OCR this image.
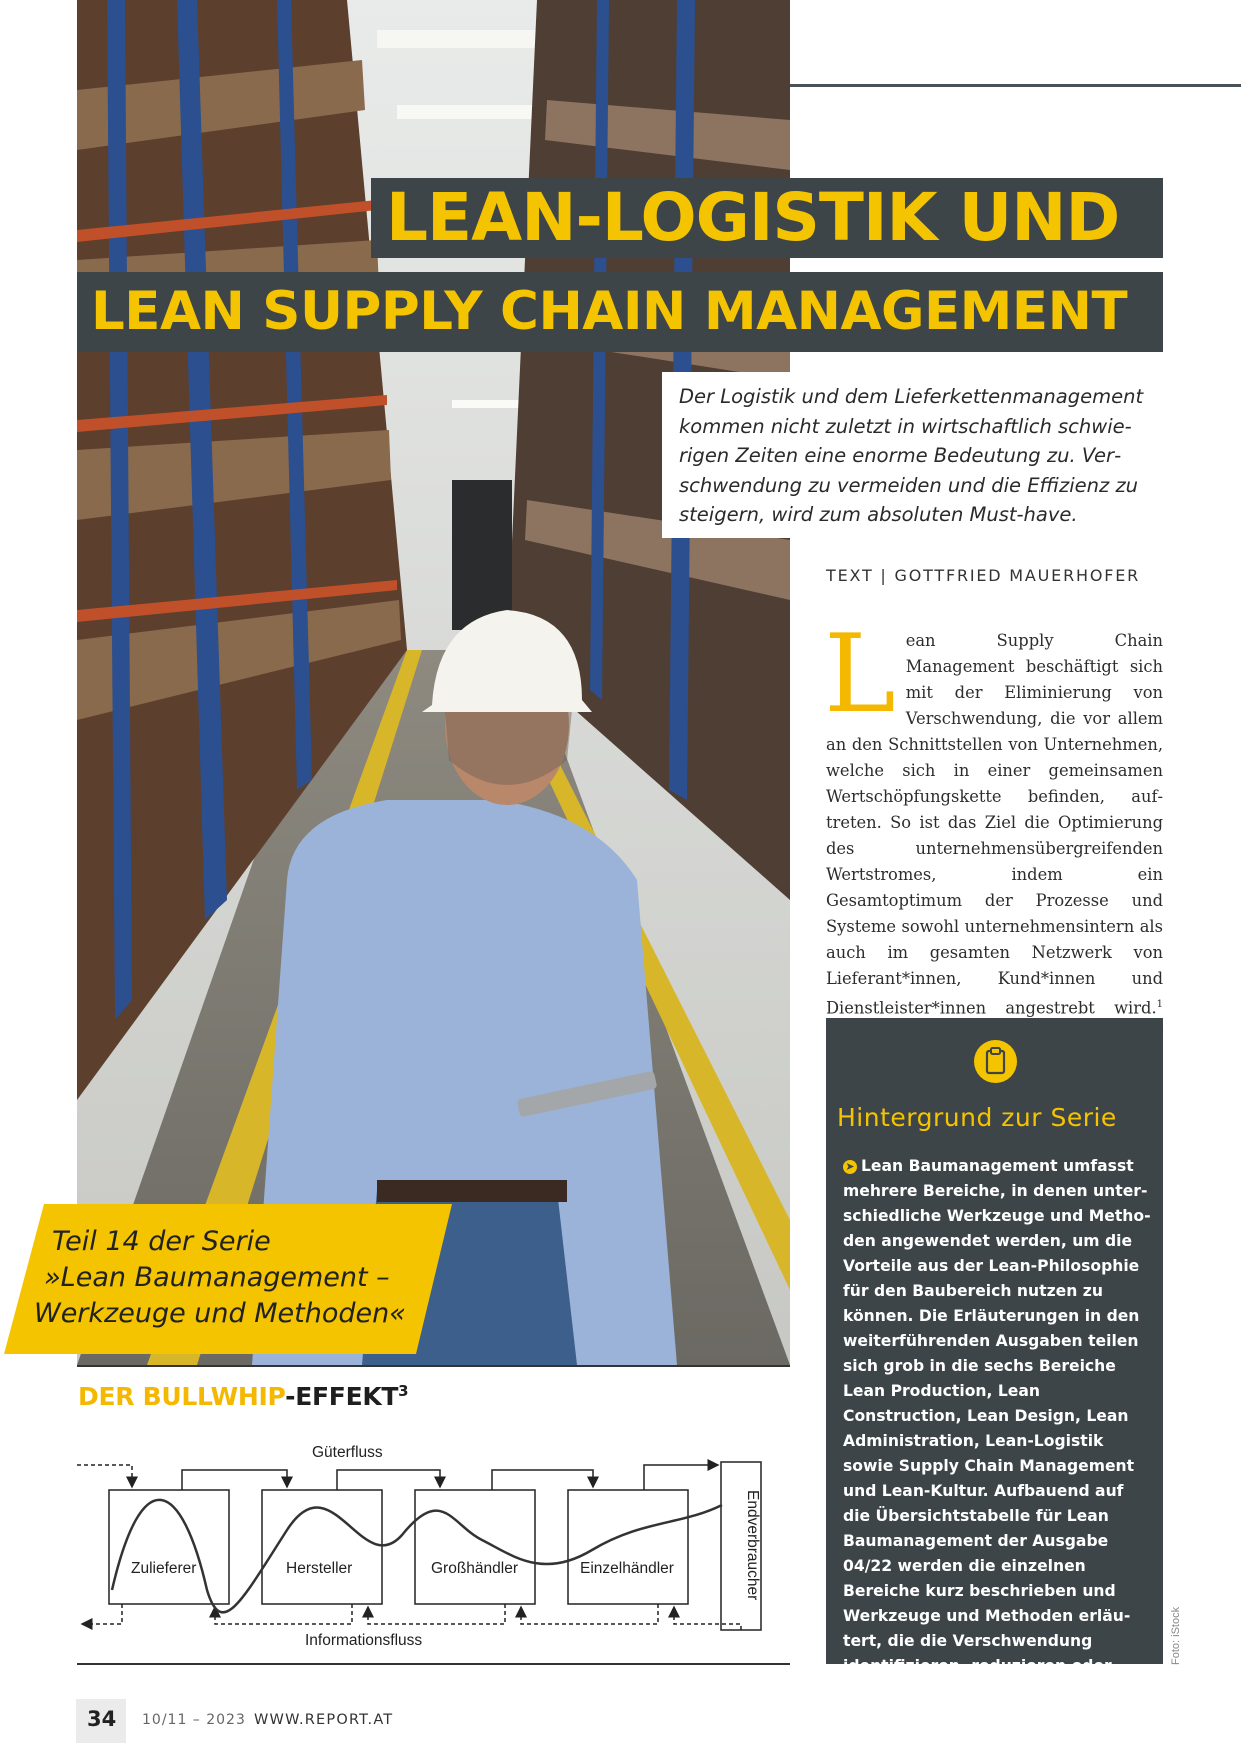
LEAN-LOGISTIK UND
LEAN SUPPLY CHAIN MANAGEMENT
Der Logistik und dem Lieferkettenmanagement kommen nicht zuletzt in wirtschaftlich schwierigen Zeiten eine enorme Bedeutung zu. Verschwendung zu vermeiden und die Effizienz zu steigern, wird zum absoluten Must-have.
TEXT | GOTTFRIED MAUERHOFER
Lean Supply Chain Management beschäftigt sich mit der Eliminierung von Verschwendung, die vor allem an den Schnittstellen von Unternehmen, welche sich in einer gemeinsamen Wertschöpfungskette befinden, auftreten. So ist das Ziel die Optimierung des unternehmensübergreifenden Wertstromes, indem ein Gesamtoptimum der Prozesse und Systeme sowohl unternehmensintern als auch im gesamten Netzwerk von Lieferant*innen, Kund*innen und Dienstleister*innen angestrebt wird.$^1$
Hintergrund zur Serie
➤ Lean Baumanagement umfasst mehrere Bereiche, in denen unterschiedliche Werkzeuge und Methoden angewendet werden, um die Vorteile aus der Lean-Philosophie für den Baubereich nutzen zu können. Die Erläuterungen in den weiterführenden Ausgaben teilen sich grob in die sechs Bereiche Lean Production, Lean Construction, Lean Design, Lean Administration, Lean-Logistik sowie Supply Chain Management und Lean-Kultur. Aufbauend auf die Übersichtstabelle für Lean Baumanagement der Ausgabe 04/22 werden die einzelnen Bereiche kurz beschrieben und Werkzeuge und Methoden erläutert, die die Verschwendung identifizieren, reduzieren oder sogar eliminieren können.
Teil 14 der Serie
»Lean Baumanagement –
Werkzeuge und Methoden«
DER BULLWHIP-EFFEKT$^3$
Güterfluss
Informationsfluss
Zulieferer	Hersteller	Großhändler	Einzelhändler	Endverbraucher
34 10/11 – 2023 WWW.REPORT.AT
Foto: iStock
